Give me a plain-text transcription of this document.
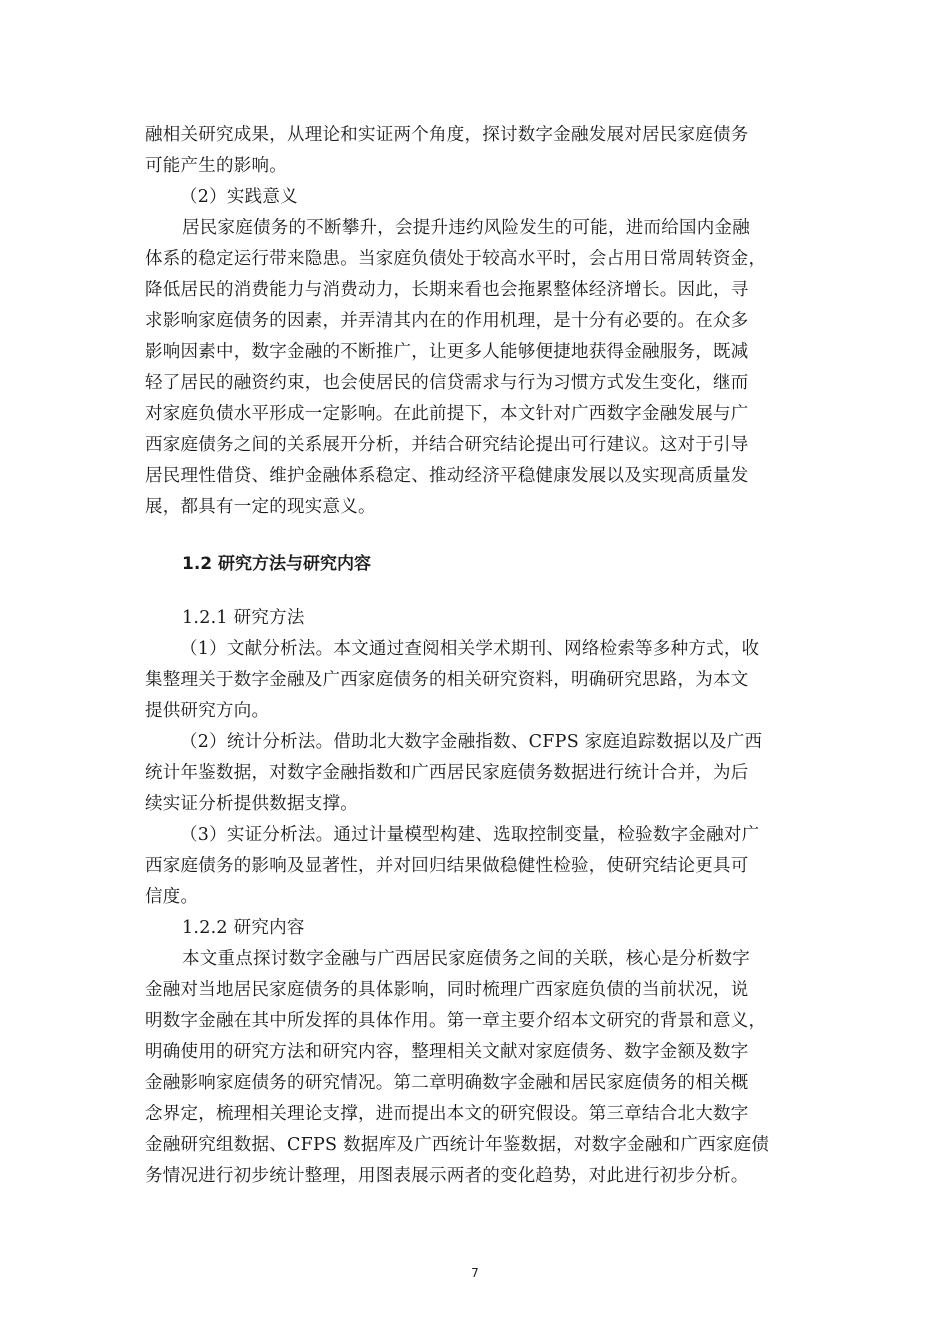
融相关研究成果，从理论和实证两个角度，探讨数字金融发展对居民家庭债务
可能产生的影响。
（2）实践意义
居民家庭债务的不断攀升，会提升违约风险发生的可能，进而给国内金融
体系的稳定运行带来隐患。当家庭负债处于较高水平时，会占用日常周转资金，
降低居民的消费能力与消费动力，长期来看也会拖累整体经济增长。因此，寻
求影响家庭债务的因素，并弄清其内在的作用机理，是十分有必要的。在众多
影响因素中，数字金融的不断推广，让更多人能够便捷地获得金融服务，既减
轻了居民的融资约束，也会使居民的信贷需求与行为习惯方式发生变化，继而
对家庭负债水平形成一定影响。在此前提下，本文针对广西数字金融发展与广
西家庭债务之间的关系展开分析，并结合研究结论提出可行建议。这对于引导
居民理性借贷、维护金融体系稳定、推动经济平稳健康发展以及实现高质量发
展，都具有一定的现实意义。
1.2 研究方法与研究内容
1.2.1 研究方法
（1）文献分析法。本文通过查阅相关学术期刊、网络检索等多种方式，收
集整理关于数字金融及广西家庭债务的相关研究资料，明确研究思路，为本文
提供研究方向。
（2）统计分析法。借助北大数字金融指数、CFPS 家庭追踪数据以及广西
统计年鉴数据，对数字金融指数和广西居民家庭债务数据进行统计合并，为后
续实证分析提供数据支撑。
（3）实证分析法。通过计量模型构建、选取控制变量，检验数字金融对广
西家庭债务的影响及显著性，并对回归结果做稳健性检验，使研究结论更具可
信度。
1.2.2 研究内容
本文重点探讨数字金融与广西居民家庭债务之间的关联，核心是分析数字
金融对当地居民家庭债务的具体影响，同时梳理广西家庭负债的当前状况，说
明数字金融在其中所发挥的具体作用。第一章主要介绍本文研究的背景和意义，
明确使用的研究方法和研究内容，整理相关文献对家庭债务、数字金额及数字
金融影响家庭债务的研究情况。第二章明确数字金融和居民家庭债务的相关概
念界定，梳理相关理论支撑，进而提出本文的研究假设。第三章结合北大数字
金融研究组数据、CFPS 数据库及广西统计年鉴数据，对数字金融和广西家庭债
务情况进行初步统计整理，用图表展示两者的变化趋势，对此进行初步分析。
7
